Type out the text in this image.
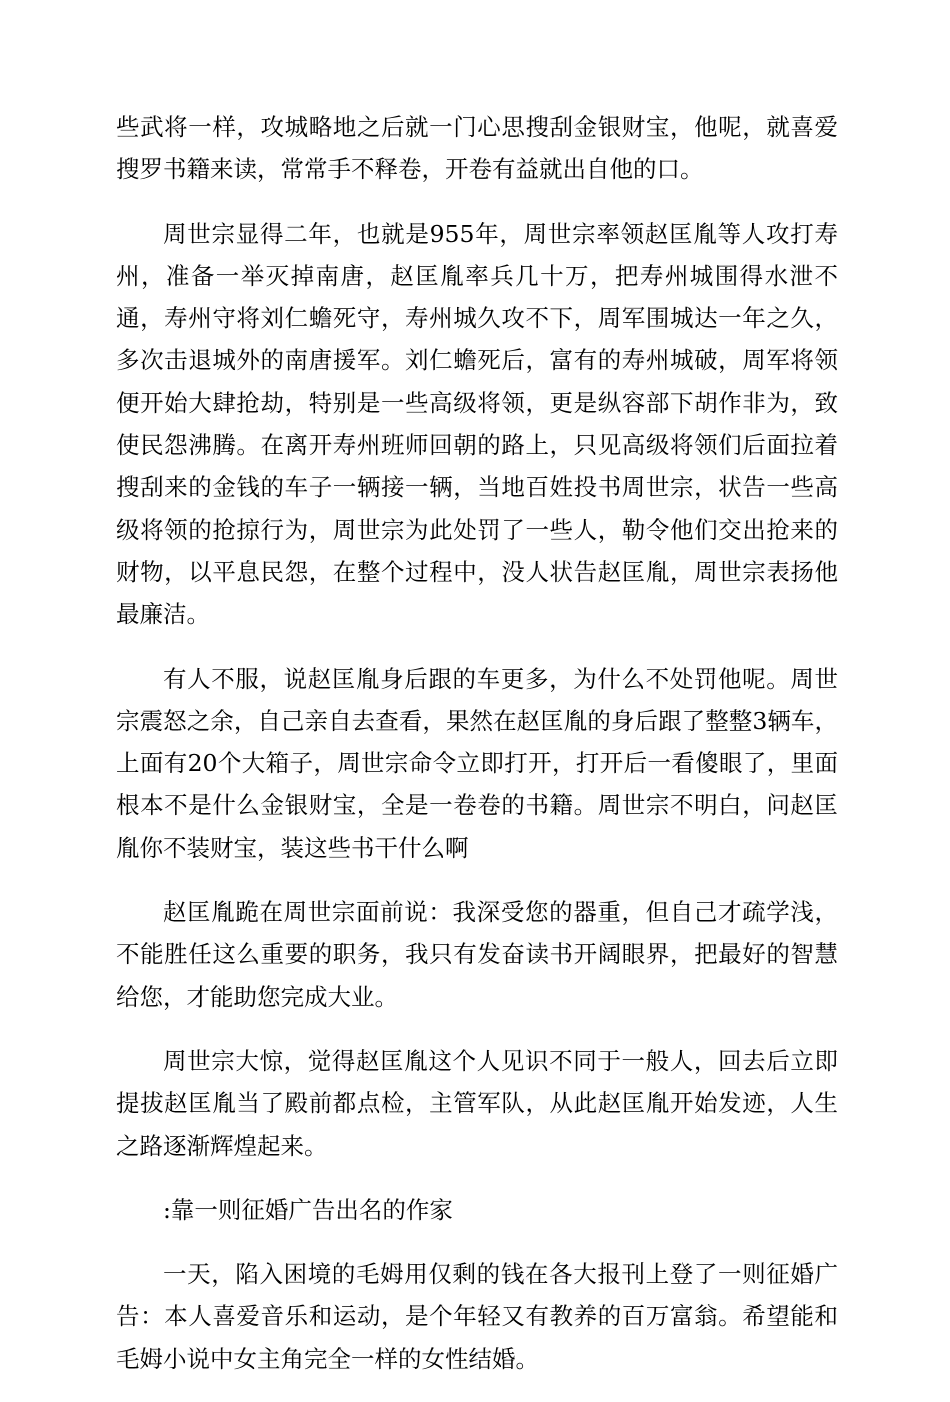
些武将一样，攻城略地之后就一门心思搜刮金银财宝，他呢，就喜爱搜罗书籍来读，常常手不释卷，开卷有益就出自他的口。

周世宗显得二年，也就是955年，周世宗率领赵匡胤等人攻打寿州，准备一举灭掉南唐，赵匡胤率兵几十万，把寿州城围得水泄不通，寿州守将刘仁蟾死守，寿州城久攻不下，周军围城达一年之久，多次击退城外的南唐援军。刘仁蟾死后，富有的寿州城破，周军将领便开始大肆抢劫，特别是一些高级将领，更是纵容部下胡作非为，致使民怨沸腾。在离开寿州班师回朝的路上，只见高级将领们后面拉着搜刮来的金钱的车子一辆接一辆，当地百姓投书周世宗，状告一些高级将领的抢掠行为，周世宗为此处罚了一些人，勒令他们交出抢来的财物，以平息民怨，在整个过程中，没人状告赵匡胤，周世宗表扬他最廉洁。

有人不服，说赵匡胤身后跟的车更多，为什么不处罚他呢。周世宗震怒之余，自己亲自去查看，果然在赵匡胤的身后跟了整整3辆车，上面有20个大箱子，周世宗命令立即打开，打开后一看傻眼了，里面根本不是什么金银财宝，全是一卷卷的书籍。周世宗不明白，问赵匡胤你不装财宝，装这些书干什么啊

赵匡胤跪在周世宗面前说：我深受您的器重，但自己才疏学浅，不能胜任这么重要的职务，我只有发奋读书开阔眼界，把最好的智慧给您，才能助您完成大业。

周世宗大惊，觉得赵匡胤这个人见识不同于一般人，回去后立即提拔赵匡胤当了殿前都点检，主管军队，从此赵匡胤开始发迹，人生之路逐渐辉煌起来。

:靠一则征婚广告出名的作家

一天，陷入困境的毛姆用仅剩的钱在各大报刊上登了一则征婚广告：本人喜爱音乐和运动，是个年轻又有教养的百万富翁。希望能和毛姆小说中女主角完全一样的女性结婚。
